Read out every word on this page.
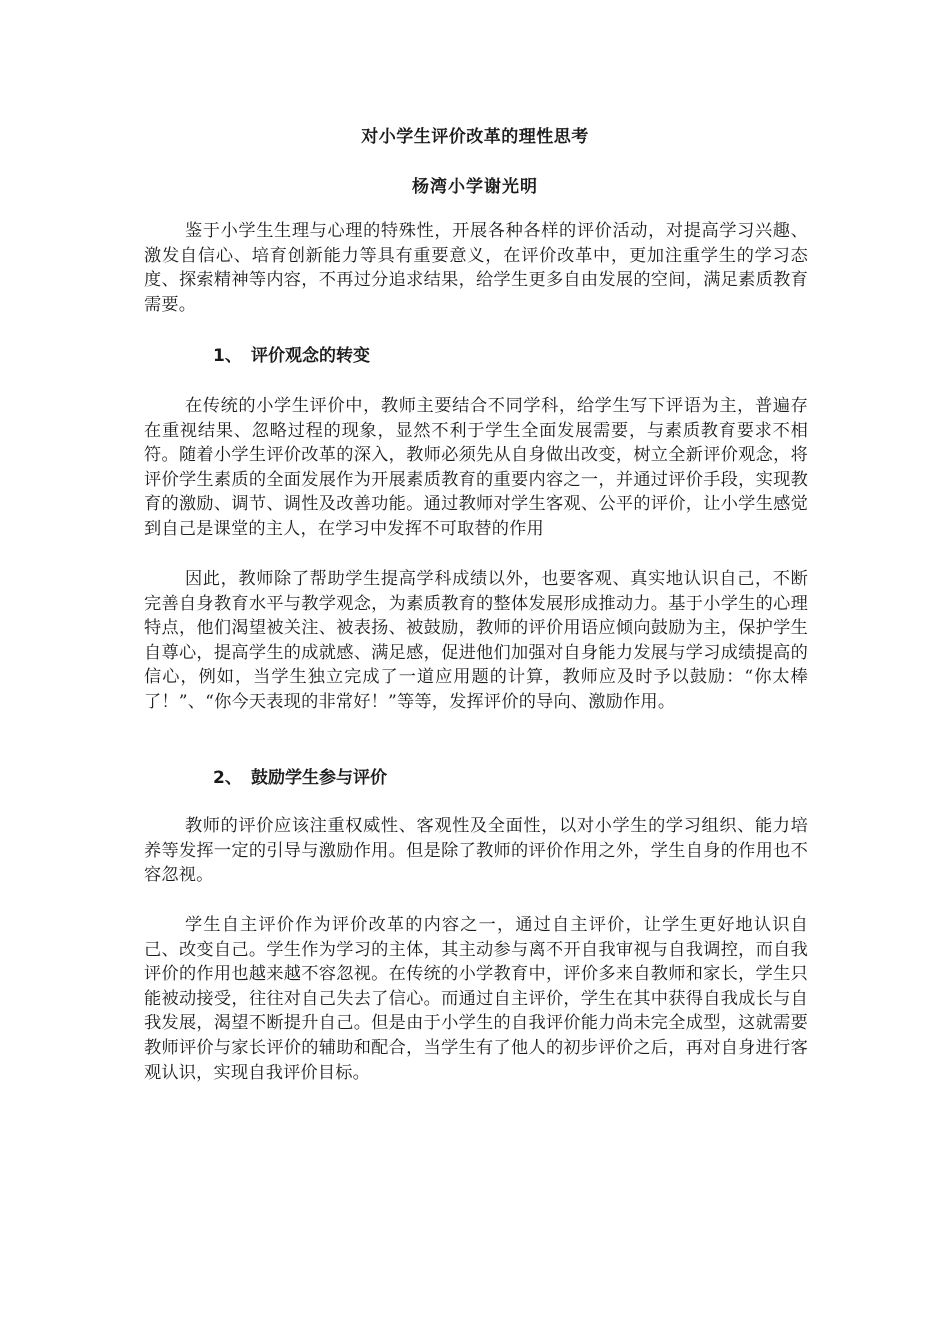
对小学生评价改革的理性思考
杨湾小学谢光明

鉴于小学生生理与心理的特殊性，开展各种各样的评价活动，对提高学习兴趣、激发自信心、培育创新能力等具有重要意义，在评价改革中，更加注重学生的学习态度、探索精神等内容，不再过分追求结果，给学生更多自由发展的空间，满足素质教育需要。

1、 评价观念的转变

在传统的小学生评价中，教师主要结合不同学科，给学生写下评语为主，普遍存在重视结果、忽略过程的现象，显然不利于学生全面发展需要，与素质教育要求不相符。随着小学生评价改革的深入，教师必须先从自身做出改变，树立全新评价观念，将评价学生素质的全面发展作为开展素质教育的重要内容之一，并通过评价手段，实现教育的激励、调节、调性及改善功能。通过教师对学生客观、公平的评价，让小学生感觉到自己是课堂的主人，在学习中发挥不可取替的作用

因此，教师除了帮助学生提高学科成绩以外，也要客观、真实地认识自己，不断完善自身教育水平与教学观念，为素质教育的整体发展形成推动力。基于小学生的心理特点，他们渴望被关注、被表扬、被鼓励，教师的评价用语应倾向鼓励为主，保护学生自尊心，提高学生的成就感、满足感，促进他们加强对自身能力发展与学习成绩提高的信心，例如，当学生独立完成了一道应用题的计算，教师应及时予以鼓励：“你太棒了！”、“你今天表现的非常好！”等等，发挥评价的导向、激励作用。

2、 鼓励学生参与评价

教师的评价应该注重权威性、客观性及全面性，以对小学生的学习组织、能力培养等发挥一定的引导与激励作用。但是除了教师的评价作用之外，学生自身的作用也不容忽视。

学生自主评价作为评价改革的内容之一，通过自主评价，让学生更好地认识自己、改变自己。学生作为学习的主体，其主动参与离不开自我审视与自我调控，而自我评价的作用也越来越不容忽视。在传统的小学教育中，评价多来自教师和家长，学生只能被动接受，往往对自己失去了信心。而通过自主评价，学生在其中获得自我成长与自我发展，渴望不断提升自己。但是由于小学生的自我评价能力尚未完全成型，这就需要教师评价与家长评价的辅助和配合，当学生有了他人的初步评价之后，再对自身进行客观认识，实现自我评价目标。
